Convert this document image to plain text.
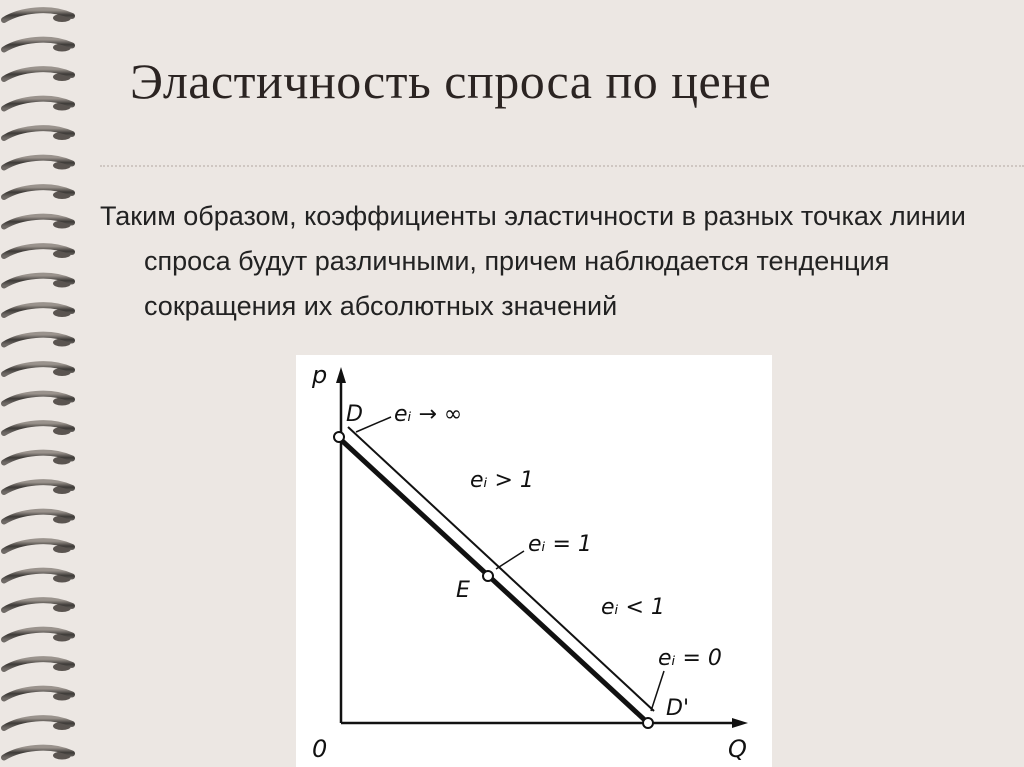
Эластичность спроса по цене

Таким образом, коэффициенты эластичности в разных точках линии спроса будут различными, причем наблюдается тенденция сокращения их абсолютных значений

p
Q
0
D
E
D'
eᵢ → ∞
eᵢ > 1
eᵢ = 1
eᵢ < 1
eᵢ = 0
